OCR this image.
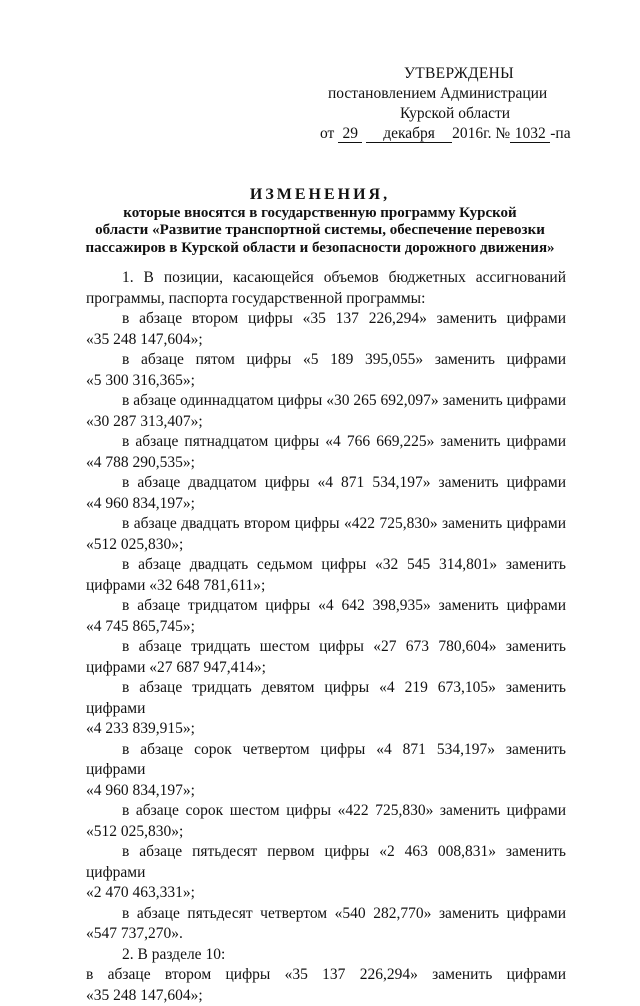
УТВЕРЖДЕНЫ
постановлением Администрации
Курской области
от 29 декабря 2016г. № 1032 -па
ИЗМЕНЕНИЯ,
которые вносятся в государственную программу Курской
области «Развитие транспортной системы, обеспечение перевозки
пассажиров в Курской области и безопасности дорожного движения»

1. В позиции, касающейся объемов бюджетных ассигнований

программы, паспорта государственной программы:

в абзаце втором цифры «35 137 226,294» заменить цифрами

«35 248 147,604»;

в абзаце пятом цифры «5 189 395,055» заменить цифрами

«5 300 316,365»;

в абзаце одиннадцатом цифры «30 265 692,097» заменить цифрами

«30 287 313,407»;

в абзаце пятнадцатом цифры «4 766 669,225» заменить цифрами

«4 788 290,535»;

в абзаце двадцатом цифры «4 871 534,197» заменить цифрами

«4 960 834,197»;

в абзаце двадцать втором цифры «422 725,830» заменить цифрами

«512 025,830»;

в абзаце двадцать седьмом цифры «32 545 314,801» заменить

цифрами «32 648 781,611»;

в абзаце тридцатом цифры «4 642 398,935» заменить цифрами

«4 745 865,745»;

в абзаце тридцать шестом цифры «27 673 780,604» заменить

цифрами «27 687 947,414»;

в абзаце тридцать девятом цифры «4 219 673,105» заменить цифрами

«4 233 839,915»;

в абзаце сорок четвертом цифры «4 871 534,197» заменить цифрами

«4 960 834,197»;

в абзаце сорок шестом цифры «422 725,830» заменить цифрами

«512 025,830»;

в абзаце пятьдесят первом цифры «2 463 008,831» заменить цифрами

«2 470 463,331»;

в абзаце пятьдесят четвертом «540 282,770» заменить цифрами

«547 737,270».

2. В разделе 10:

в абзаце втором цифры «35 137 226,294» заменить цифрами

«35 248 147,604»;
